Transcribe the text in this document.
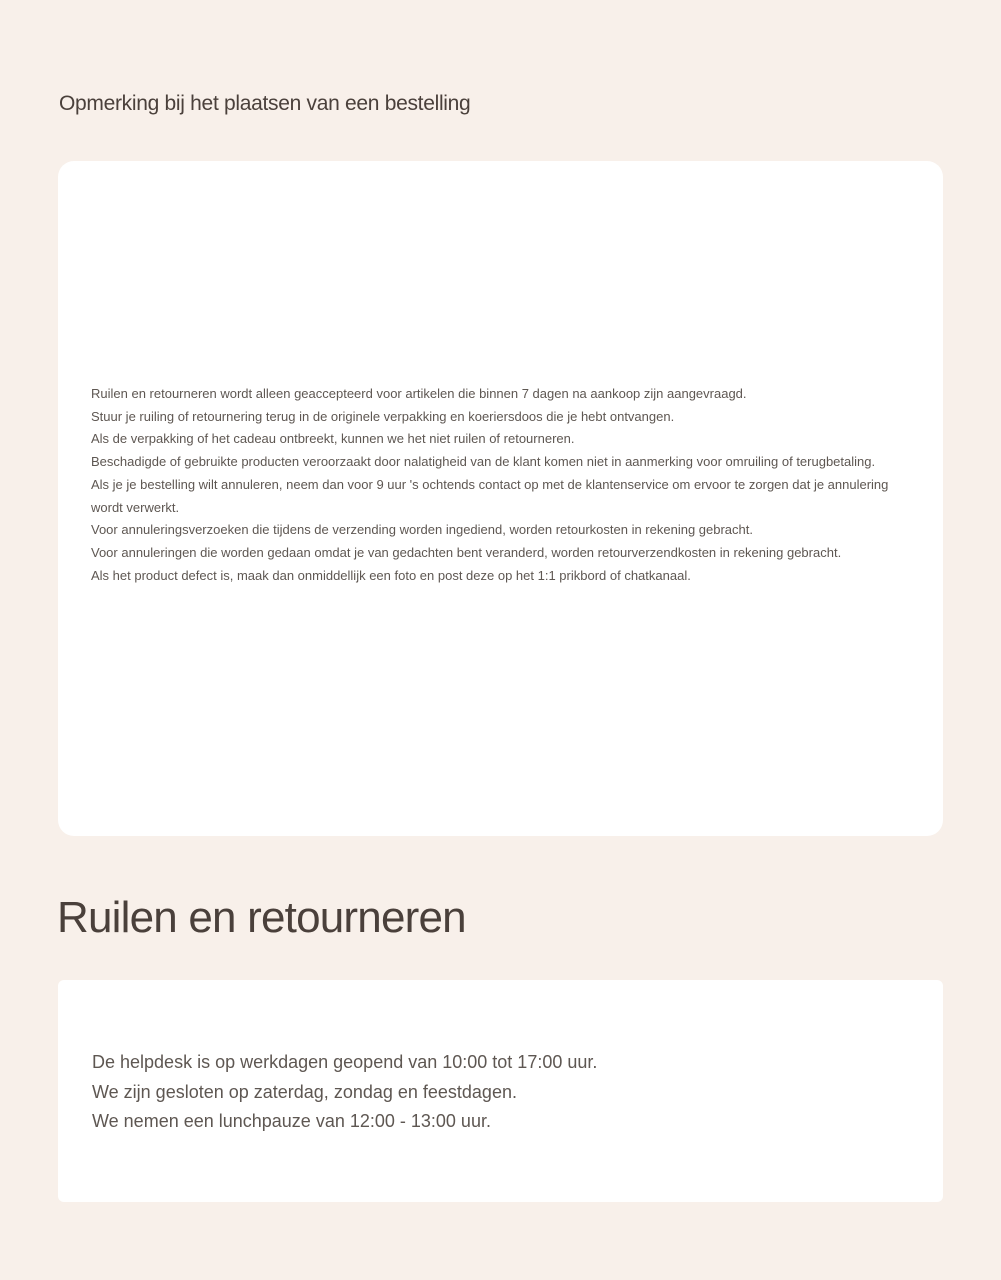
Opmerking bij het plaatsen van een bestelling
Ruilen en retourneren wordt alleen geaccepteerd voor artikelen die binnen 7 dagen na aankoop zijn aangevraagd.
Stuur je ruiling of retournering terug in de originele verpakking en koeriersdoos die je hebt ontvangen.
Als de verpakking of het cadeau ontbreekt, kunnen we het niet ruilen of retourneren.
Beschadigde of gebruikte producten veroorzaakt door nalatigheid van de klant komen niet in aanmerking voor omruiling of terugbetaling.
Als je je bestelling wilt annuleren, neem dan voor 9 uur 's ochtends contact op met de klantenservice om ervoor te zorgen dat je annulering wordt verwerkt.
Voor annuleringsverzoeken die tijdens de verzending worden ingediend, worden retourkosten in rekening gebracht.
Voor annuleringen die worden gedaan omdat je van gedachten bent veranderd, worden retourverzendkosten in rekening gebracht.
Als het product defect is, maak dan onmiddellijk een foto en post deze op het 1:1 prikbord of chatkanaal.
Ruilen en retourneren
De helpdesk is op werkdagen geopend van 10:00 tot 17:00 uur.
We zijn gesloten op zaterdag, zondag en feestdagen.
We nemen een lunchpauze van 12:00 - 13:00 uur.
